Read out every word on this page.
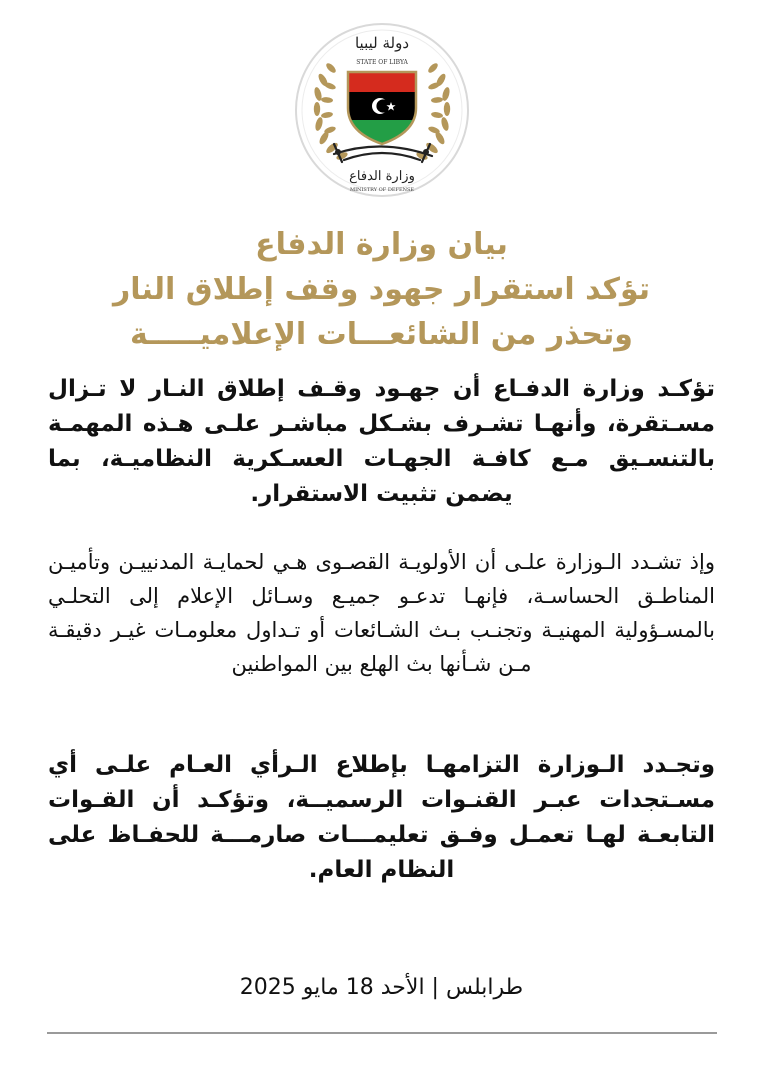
دولة ليبيا
STATE OF LIBYA
وزارة الدفاع
MINISTRY OF DEFENSE
بيان وزارة الدفاع
تؤكد استقرار جهود وقف إطلاق النار
وتحذر من الشائعـــات الإعلاميـــــة
تؤكـد وزارة الدفـاع أن جهـود وقـف إطلاق النـار لا تـزال مسـتقرة، وأنهـا تشـرف بشـكل مباشـر علـى هـذه المهمـة بالتنسـيق مـع كافـة الجهـات العسـكرية النظاميـة، بما يضمن تثبيت الاستقرار.
وإذ تشـدد الـوزارة علـى أن الأولويـة القصـوى هـي لحمايـة المدنييـن وتأميـن المناطـق الحساسـة، فإنهـا تدعـو جميـع وسـائل الإعلام إلى التحلـي بالمسـؤولية المهنيـة وتجنـب بـث الشـائعات أو تـداول معلومـات غيـر دقيقـة مـن شـأنها بث الهلع بين المواطنين
وتجـدد الـوزارة التزامهـا بإطلاع الـرأي العـام علـى أي مسـتجدات عبـر القنـوات الرسميــة، وتؤكـد أن القـوات التابعـة لهـا تعمـل وفـق تعليمـــات صارمـــة للحفـاظ على النظام العام.
طرابلس | الأحد 18 مايو 2025
